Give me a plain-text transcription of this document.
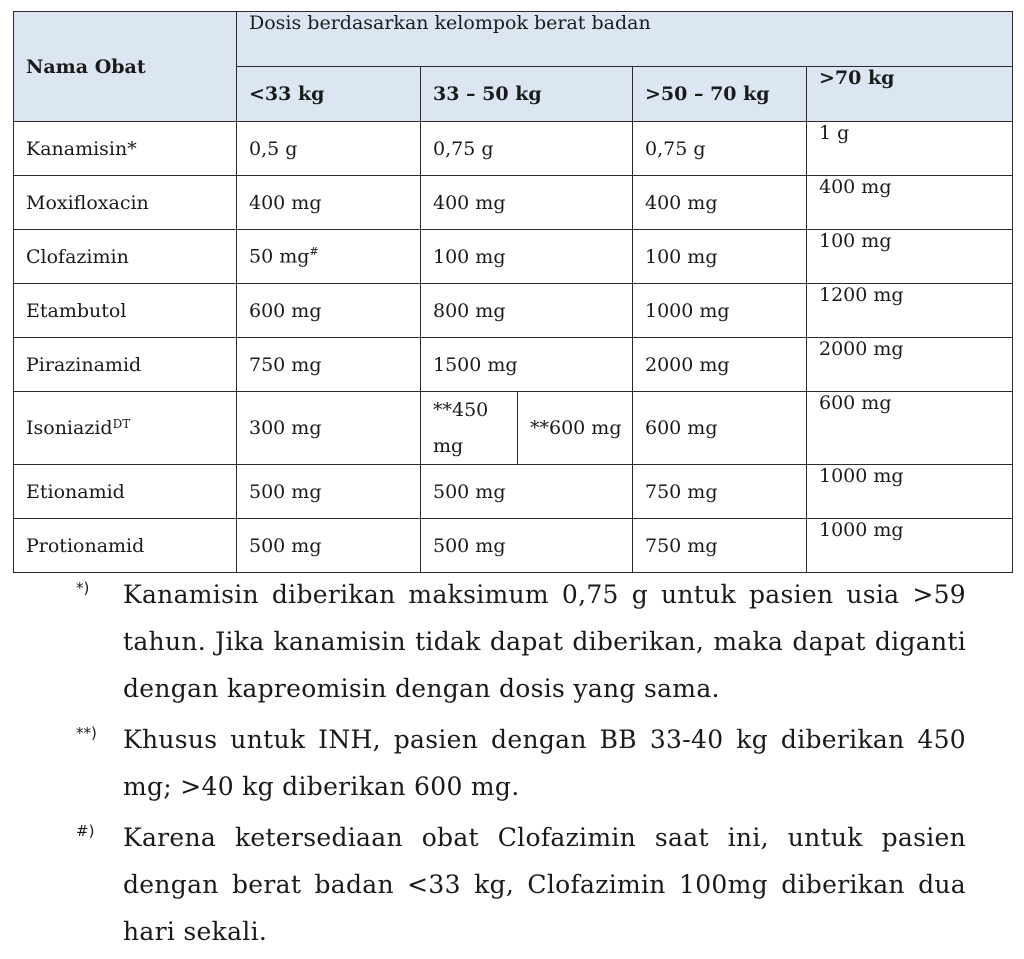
Nama Obat	Dosis berdasarkan kelompok berat badan				
	<33 kg	33 – 50 kg		>50 – 70 kg	>70 kg
Kanamisin*	0,5 g	0,75 g		0,75 g	1 g
Moxifloxacin	400 mg	400 mg		400 mg	400 mg
Clofazimin	50 mg#	100 mg		100 mg	100 mg
Etambutol	600 mg	800 mg		1000 mg	1200 mg
Pirazinamid	750 mg	1500 mg		2000 mg	2000 mg
Isoniazid$^{DT}$	300 mg	**450 mg	**600 mg	600 mg	600 mg
Etionamid	500 mg	500 mg		750 mg	1000 mg
Protionamid	500 mg	500 mg		750 mg	1000 mg
*)	Kanamisin diberikan maksimum 0,75 g untuk pasien usia >59 tahun. Jika kanamisin tidak dapat diberikan, maka dapat diganti dengan kapreomisin dengan dosis yang sama.
**)	Khusus untuk INH, pasien dengan BB 33-40 kg diberikan 450 mg; >40 kg diberikan 600 mg.
#)	Karena ketersediaan obat Clofazimin saat ini, untuk pasien dengan berat badan <33 kg, Clofazimin 100mg diberikan dua hari sekali.
